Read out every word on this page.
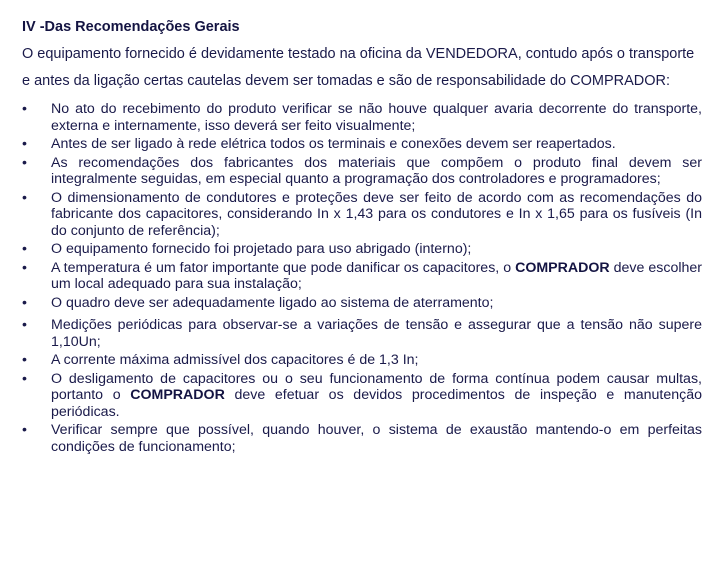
IV -Das Recomendações Gerais
O equipamento fornecido é devidamente testado na oficina da VENDEDORA, contudo após o transporte e antes da ligação certas cautelas devem ser tomadas e são de responsabilidade do COMPRADOR:
•	No ato do recebimento do produto verificar se não houve qualquer avaria decorrente do transporte, externa e internamente, isso deverá ser feito visualmente;
•	Antes de ser ligado à rede elétrica todos os terminais e conexões devem ser reapertados.
•	As recomendações dos fabricantes dos materiais que compõem o produto final devem ser integralmente seguidas, em especial quanto a programação dos controladores e programadores;
•	O dimensionamento de condutores e proteções deve ser feito de acordo com as recomendações do fabricante dos capacitores, considerando In x 1,43 para os condutores e In x 1,65 para os fusíveis (In do conjunto de referência);
•	O equipamento fornecido foi projetado para uso abrigado (interno);
•	A temperatura é um fator importante que pode danificar os capacitores, o COMPRADOR deve escolher um local adequado para sua instalação;
•	O quadro deve ser adequadamente ligado ao sistema de aterramento;
•	Medições periódicas para observar-se a variações de tensão e assegurar que a tensão não supere 1,10Un;
•	A corrente máxima admissível dos capacitores é de 1,3 In;
•	O desligamento de capacitores ou o seu funcionamento de forma contínua podem causar multas, portanto o COMPRADOR deve efetuar os devidos procedimentos de inspeção e manutenção periódicas.
•	Verificar sempre que possível, quando houver, o sistema de exaustão mantendo-o em perfeitas condições de funcionamento;
